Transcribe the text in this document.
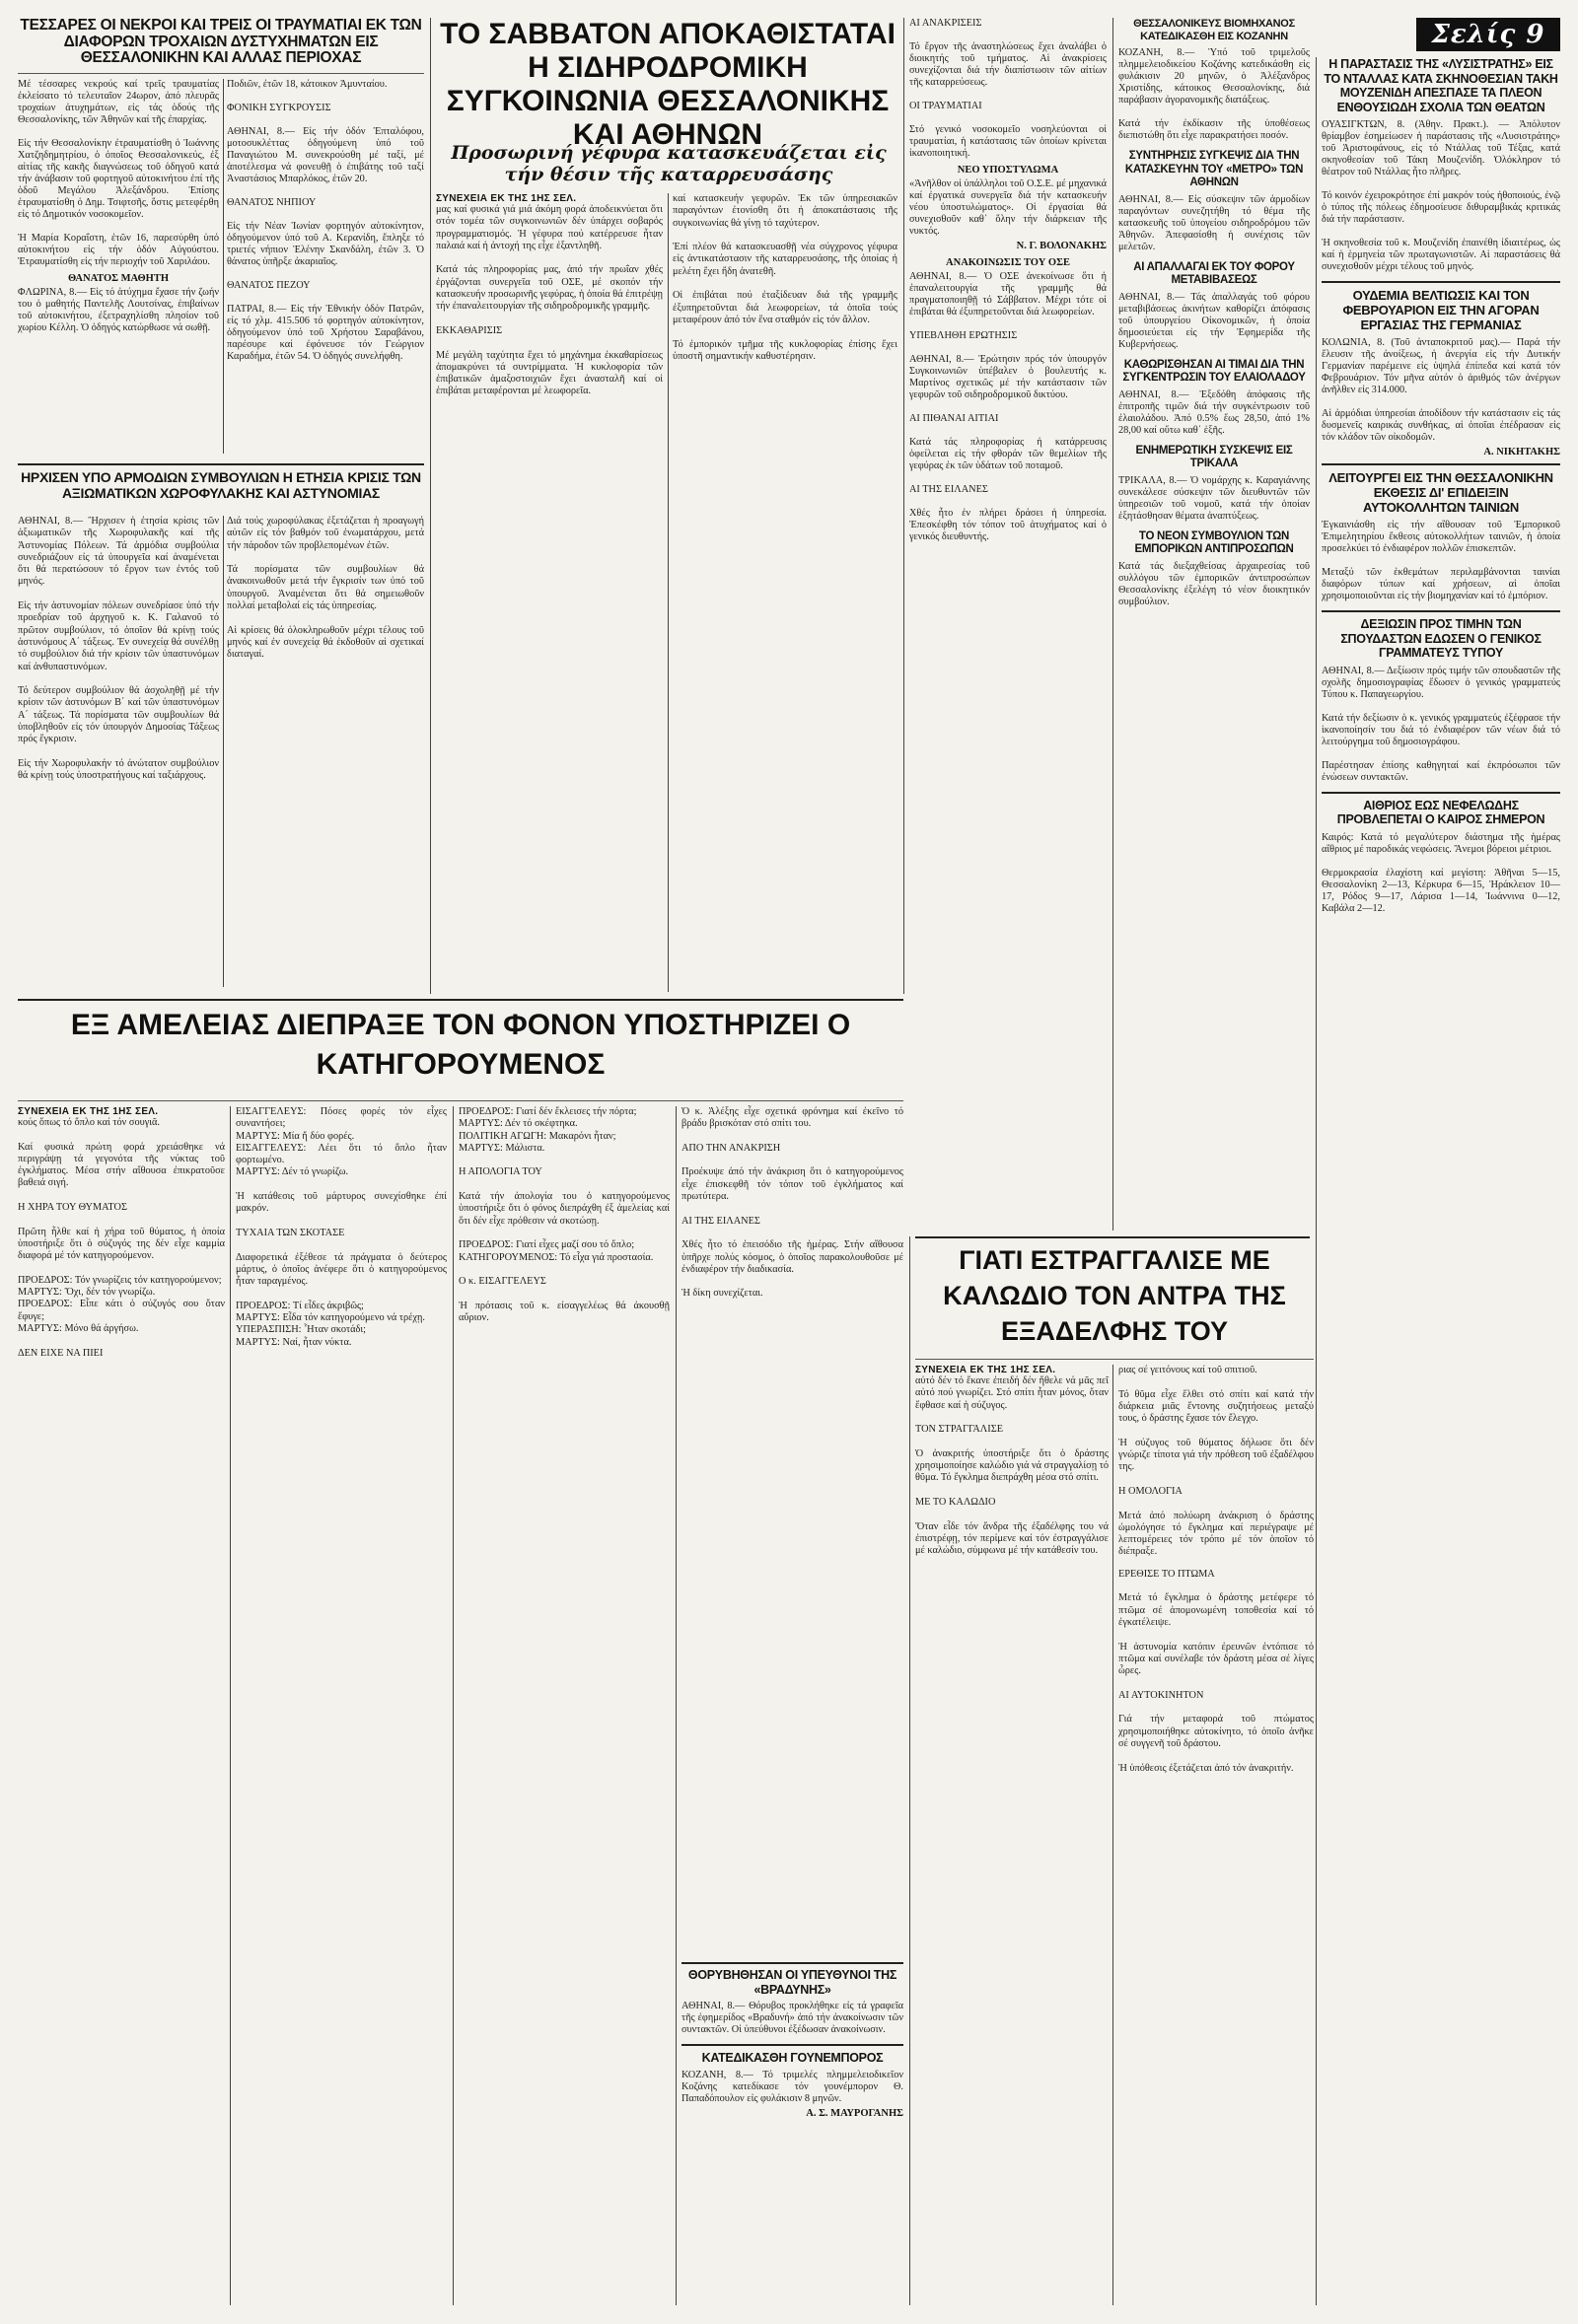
Σελίς 9
ΤΕΣΣΑΡΕΣ ΟΙ ΝΕΚΡΟΙ ΚΑΙ ΤΡΕΙΣ ΟΙ ΤΡΑΥΜΑΤΙΑΙ ΕΚ ΤΩΝ ΔΙΑΦΟΡΩΝ ΤΡΟΧΑΙΩΝ ΔΥΣΤΥΧΗΜΑΤΩΝ ΕΙΣ ΘΕΣΣΑΛΟΝΙΚΗΝ ΚΑΙ ΑΛΛΑΣ ΠΕΡΙΟΧΑΣ

Μέ τέσσαρες νεκρούς καί τρεῖς τραυματίας ἐκλείσατο τό τελευταῖον 24ωρον, ἀπό πλευρᾶς τροχαίων ἀτυχημάτων, εἰς τάς ὁδούς τῆς Θεσσαλονίκης, τῶν Ἀθηνῶν καί τῆς ἐπαρχίας.

Εἰς τήν Θεσσαλονίκην ἐτραυματίσθη ὁ Ἰωάννης Χατζηδημητρίου, ὁ ὁποῖος Θεσσαλονικεύς, ἐξ αἰτίας τῆς κακῆς διαγνώσεως τοῦ ὁδηγοῦ κατά τήν ἀνάβασιν τοῦ φορτηγοῦ αὐτοκινήτου ἐπί τῆς ὁδοῦ Μεγάλου Ἀλεξάνδρου. Ἐπίσης ἐτραυματίσθη ὁ Δημ. Τσιφτσῆς, ὅστις μετεφέρθη εἰς τό Δημοτικόν νοσοκομεῖον.

Ἡ Μαρία Κοραΐστη, ἐτῶν 16, παρεσύρθη ὑπό αὐτοκινήτου εἰς τήν ὁδόν Αὐγούστου. Ἐτραυματίσθη εἰς τήν περιοχήν τοῦ Χαριλάου.

ΘΑΝΑΤΟΣ ΜΑΘΗΤΗ

ΦΛΩΡΙΝΑ, 8.— Εἰς τό ἀτύχημα ἔχασε τήν ζωήν του ὁ μαθητής Παντελῆς Λουτσίνας, ἐπιβαίνων τοῦ αὐτοκινήτου, ἐξετραχηλίσθη πλησίον τοῦ χωρίου Κέλλη. Ὁ ὁδηγός κατώρθωσε νά σωθῇ.

Ποδιῶν, ἐτῶν 18, κάτοικον Ἀμυνταίου.

ΦΟΝΙΚΗ ΣΥΓΚΡΟΥΣΙΣ

ΑΘΗΝΑΙ, 8.— Εἰς τήν ὁδόν Ἐπταλόφου, μοτοσυκλέττας ὁδηγούμενη ὑπό τοῦ Παναγιώτου Μ. συνεκρούσθη μέ ταξί, μέ ἀποτέλεσμα νά φονευθῇ ὁ ἐπιβάτης τοῦ ταξί Ἀναστάσιος Μπαρλόκος, ἐτῶν 20.

ΘΑΝΑΤΟΣ ΝΗΠΙΟΥ

Εἰς τήν Νέαν Ἰωνίαν φορτηγόν αὐτοκίνητον, ὁδηγούμενον ὑπό τοῦ Α. Κερανίδη, ἔπληξε τό τριετές νήπιον Ἑλένην Σκανδάλη, ἐτῶν 3. Ὁ θάνατος ὑπῆρξε ἀκαριαῖος.

ΘΑΝΑΤΟΣ ΠΕΖΟΥ

ΠΑΤΡΑΙ, 8.— Εἰς τήν Ἐθνικήν ὁδόν Πατρῶν, εἰς τό χλμ. 415.506 τό φορτηγόν αὐτοκίνητον, ὁδηγούμενον ὑπό τοῦ Χρήστου Σαραβάνου, παρέσυρε καί ἐφόνευσε τόν Γεώργιον Καραδήμα, ἐτῶν 54. Ὁ ὁδηγός συνελήφθη.

ΗΡΧΙΣΕΝ ΥΠΟ ΑΡΜΟΔΙΩΝ ΣΥΜΒΟΥΛΙΩΝ Η ΕΤΗΣΙΑ ΚΡΙΣΙΣ ΤΩΝ ΑΞΙΩΜΑΤΙΚΩΝ ΧΩΡΟΦΥΛΑΚΗΣ ΚΑΙ ΑΣΤΥΝΟΜΙΑΣ

ΑΘΗΝΑΙ, 8.— Ἤρχισεν ἡ ἐτησία κρίσις τῶν ἀξιωματικῶν τῆς Χωροφυλακῆς καί τῆς Ἀστυνομίας Πόλεων. Τά ἀρμόδια συμβούλια συνεδριάζουν εἰς τά ὑπουργεῖα καί ἀναμένεται ὅτι θά περατώσουν τό ἔργον των ἐντός τοῦ μηνός.

Εἰς τήν ἀστυνομίαν πόλεων συνεδρίασε ὑπό τήν προεδρίαν τοῦ ἀρχηγοῦ κ. Κ. Γαλανοῦ τό πρῶτον συμβούλιον, τό ὁποῖον θά κρίνῃ τούς ἀστυνόμους Α΄ τάξεως. Ἐν συνεχείᾳ θά συνέλθῃ τό συμβούλιον διά τήν κρίσιν τῶν ὑπαστυνόμων καί ἀνθυπαστυνόμων.

Τό δεύτερον συμβούλιον θά ἀσχοληθῇ μέ τήν κρίσιν τῶν ἀστυνόμων Β΄ καί τῶν ὑπαστυνόμων Α΄ τάξεως. Τά πορίσματα τῶν συμβουλίων θά ὑποβληθοῦν εἰς τόν ὑπουργόν Δημοσίας Τάξεως πρός ἔγκρισιν.

Εἰς τήν Χωροφυλακήν τό ἀνώτατον συμβούλιον θά κρίνῃ τούς ὑποστρατήγους καί ταξιάρχους.

Διά τούς χωροφύλακας ἐξετάζεται ἡ προαγωγή αὐτῶν εἰς τόν βαθμόν τοῦ ἐνωματάρχου, μετά τήν πάροδον τῶν προβλεπομένων ἐτῶν.

Τά πορίσματα τῶν συμβουλίων θά ἀνακοινωθοῦν μετά τήν ἔγκρισίν των ὑπό τοῦ ὑπουργοῦ. Ἀναμένεται ὅτι θά σημειωθοῦν πολλαί μεταβολαί εἰς τάς ὑπηρεσίας.

Αἱ κρίσεις θά ὁλοκληρωθοῦν μέχρι τέλους τοῦ μηνός καί ἐν συνεχείᾳ θά ἐκδοθοῦν αἱ σχετικαί διαταγαί.

ΤΟ ΣΑΒΒΑΤΟΝ ΑΠΟΚΑΘΙΣΤΑΤΑΙ Η ΣΙΔΗΡΟΔΡΟΜΙΚΗ ΣΥΓΚΟΙΝΩΝΙΑ ΘΕΣΣΑΛΟΝΙΚΗΣ ΚΑΙ ΑΘΗΝΩΝ
Προσωρινή γέφυρα κατασκευάζεται εἰς τήν θέσιν τῆς καταρρευσάσης
ΣΥΝΕΧΕΙΑ ΕΚ ΤΗΣ 1ΗΣ ΣΕΛ.

μας καί φυσικά γιά μιά ἀκόμη φορά ἀποδεικνύεται ὅτι στόν τομέα τῶν συγκοινωνιῶν δέν ὑπάρχει σοβαρός προγραμματισμός. Ἡ γέφυρα πού κατέρρευσε ἦταν παλαιά καί ἡ ἀντοχή της εἶχε ἐξαντληθῆ.

Κατά τάς πληροφορίας μας, ἀπό τήν πρωΐαν χθές ἐργάζονται συνεργεῖα τοῦ ΟΣΕ, μέ σκοπόν τήν κατασκευήν προσωρινῆς γεφύρας, ἡ ὁποία θά ἐπιτρέψῃ τήν ἐπαναλειτουργίαν τῆς σιδηροδρομικῆς γραμμῆς.

ΕΚΚΑΘΑΡΙΣΙΣ

Μέ μεγάλη ταχύτητα ἔχει τό μηχάνημα ἐκκαθαρίσεως ἀπομακρύνει τά συντρίμματα. Ἡ κυκλοφορία τῶν ἐπιβατικῶν ἀμαξοστοιχιῶν ἔχει ἀνασταλῆ καί οἱ ἐπιβάται μεταφέρονται μέ λεωφορεῖα.

καί κατασκευήν γεφυρῶν. Ἐκ τῶν ὑπηρεσιακῶν παραγόντων ἐτονίσθη ὅτι ἡ ἀποκατάστασις τῆς συγκοινωνίας θά γίνῃ τό ταχύτερον.

Ἐπί πλέον θά κατασκευασθῇ νέα σύγχρονος γέφυρα εἰς ἀντικατάστασιν τῆς καταρρευσάσης, τῆς ὁποίας ἡ μελέτη ἔχει ἤδη ἀνατεθῆ.

Οἱ ἐπιβάται πού ἐταξίδευαν διά τῆς γραμμῆς ἐξυπηρετοῦνται διά λεωφορείων, τά ὁποῖα τούς μεταφέρουν ἀπό τόν ἕνα σταθμόν εἰς τόν ἄλλον.

Τό ἐμπορικόν τμῆμα τῆς κυκλοφορίας ἐπίσης ἔχει ὑποστῆ σημαντικήν καθυστέρησιν.

ΑΙ ΑΝΑΚΡΙΣΕΙΣ

Τό ἔργον τῆς ἀναστηλώσεως ἔχει ἀναλάβει ὁ διοικητής τοῦ τμήματος. Αἱ ἀνακρίσεις συνεχίζονται διά τήν διαπίστωσιν τῶν αἰτίων τῆς καταρρεύσεως.

ΟΙ ΤΡΑΥΜΑΤΙΑΙ

Στό γενικό νοσοκομεῖο νοσηλεύονται οἱ τραυματίαι, ἡ κατάστασις τῶν ὁποίων κρίνεται ἱκανοποιητική.

ΝΕΟ ΥΠΟΣΤΥΛΩΜΑ

«Ἀνῆλθον οἱ ὑπάλληλοι τοῦ Ο.Σ.Ε. μέ μηχανικά καί ἐργατικά συνεργεῖα διά τήν κατασκευήν νέου ὑποστυλώματος». Οἱ ἐργασίαι θά συνεχισθοῦν καθ᾽ ὅλην τήν διάρκειαν τῆς νυκτός.

Ν. Γ. ΒΟΛΟΝΑΚΗΣ
ΑΝΑΚΟΙΝΩΣΙΣ ΤΟΥ ΟΣΕ

ΑΘΗΝΑΙ, 8.— Ὁ ΟΣΕ ἀνεκοίνωσε ὅτι ἡ ἐπαναλειτουργία τῆς γραμμῆς θά πραγματοποιηθῇ τό Σάββατον. Μέχρι τότε οἱ ἐπιβάται θά ἐξυπηρετοῦνται διά λεωφορείων.

ΥΠΕΒΛΗΘΗ ΕΡΩΤΗΣΙΣ

ΑΘΗΝΑΙ, 8.— Ἐρώτησιν πρός τόν ὑπουργόν Συγκοινωνιῶν ὑπέβαλεν ὁ βουλευτής κ. Μαρτίνος σχετικῶς μέ τήν κατάστασιν τῶν γεφυρῶν τοῦ σιδηροδρομικοῦ δικτύου.

ΑΙ ΠΙΘΑΝΑΙ ΑΙΤΙΑΙ

Κατά τάς πληροφορίας ἡ κατάρρευσις ὀφείλεται εἰς τήν φθοράν τῶν θεμελίων τῆς γεφύρας ἐκ τῶν ὑδάτων τοῦ ποταμοῦ.

ΑΙ ΤΗΣ ΕΙΛΑΝΕΣ

Χθές ἦτο ἐν πλήρει δράσει ἡ ὑπηρεσία. Ἐπεσκέφθη τόν τόπον τοῦ ἀτυχήματος καί ὁ γενικός διευθυντής.

ΘΕΣΣΑΛΟΝΙΚΕΥΣ ΒΙΟΜΗΧΑΝΟΣ ΚΑΤΕΔΙΚΑΣΘΗ ΕΙΣ ΚΟΖΑΝΗΝ

ΚΟΖΑΝΗ, 8.— Ὑπό τοῦ τριμελοῦς πλημμελειοδικείου Κοζάνης κατεδικάσθη εἰς φυλάκισιν 20 μηνῶν, ὁ Ἀλέξανδρος Χριστίδης, κάτοικος Θεσσαλονίκης, διά παράβασιν ἀγορανομικῆς διατάξεως.

Κατά τήν ἐκδίκασιν τῆς ὑποθέσεως διεπιστώθη ὅτι εἶχε παρακρατήσει ποσόν.

ΣΥΝΤΗΡΗΣΙΣ ΣΥΓΚΕΨΙΣ ΔΙΑ ΤΗΝ ΚΑΤΑΣΚΕΥΗΝ ΤΟΥ «ΜΕΤΡΟ» ΤΩΝ ΑΘΗΝΩΝ

ΑΘΗΝΑΙ, 8.— Εἰς σύσκεψιν τῶν ἁρμοδίων παραγόντων συνεζητήθη τό θέμα τῆς κατασκευῆς τοῦ ὑπογείου σιδηροδρόμου τῶν Ἀθηνῶν. Ἀπεφασίσθη ἡ συνέχισις τῶν μελετῶν.

ΑΙ ΑΠΑΛΛΑΓΑΙ ΕΚ ΤΟΥ ΦΟΡΟΥ ΜΕΤΑΒΙΒΑΣΕΩΣ

ΑΘΗΝΑΙ, 8.— Τάς ἀπαλλαγάς τοῦ φόρου μεταβιβάσεως ἀκινήτων καθορίζει ἀπόφασις τοῦ ὑπουργείου Οἰκονομικῶν, ἡ ὁποία δημοσιεύεται εἰς τήν Ἐφημερίδα τῆς Κυβερνήσεως.

ΚΑΘΩΡΙΣΘΗΣΑΝ ΑΙ ΤΙΜΑΙ ΔΙΑ ΤΗΝ ΣΥΓΚΕΝΤΡΩΣΙΝ ΤΟΥ ΕΛΑΙΟΛΑΔΟΥ

ΑΘΗΝΑΙ, 8.— Ἐξεδόθη ἀπόφασις τῆς ἐπιτροπῆς τιμῶν διά τήν συγκέντρωσιν τοῦ ἐλαιολάδου. Ἀπό 0.5% ἕως 28,50, ἀπό 1% 28,00 καί οὕτω καθ᾽ ἑξῆς.

ΕΝΗΜΕΡΩΤΙΚΗ ΣΥΣΚΕΨΙΣ ΕΙΣ ΤΡΙΚΑΛΑ

ΤΡΙΚΑΛΑ, 8.— Ὁ νομάρχης κ. Καραγιάννης συνεκάλεσε σύσκεψιν τῶν διευθυντῶν τῶν ὑπηρεσιῶν τοῦ νομοῦ, κατά τήν ὁποίαν ἐξητάσθησαν θέματα ἀναπτύξεως.

ΤΟ ΝΕΟΝ ΣΥΜΒΟΥΛΙΟΝ ΤΩΝ ΕΜΠΟΡΙΚΩΝ ΑΝΤΙΠΡΟΣΩΠΩΝ

Κατά τάς διεξαχθείσας ἀρχαιρεσίας τοῦ συλλόγου τῶν ἐμπορικῶν ἀντιπροσώπων Θεσσαλονίκης ἐξελέγη τό νέον διοικητικόν συμβούλιον.

Η ΠΑΡΑΣΤΑΣΙΣ ΤΗΣ «ΛΥΣΙΣΤΡΑΤΗΣ» ΕΙΣ ΤΟ ΝΤΑΛΛΑΣ ΚΑΤΑ ΣΚΗΝΟΘΕΣΙΑΝ ΤΑΚΗ ΜΟΥΖΕΝΙΔΗ ΑΠΕΣΠΑΣΕ ΤΑ ΠΛΕΟΝ ΕΝΘΟΥΣΙΩΔΗ ΣΧΟΛΙΑ ΤΩΝ ΘΕΑΤΩΝ

ΟΥΑΣΙΓΚΤΩΝ, 8. (Ἀθην. Πρακτ.). — Ἀπόλυτον θρίαμβον ἐσημείωσεν ἡ παράστασις τῆς «Λυσιστράτης» τοῦ Ἀριστοφάνους, εἰς τό Ντάλλας τοῦ Τέξας, κατά σκηνοθεσίαν τοῦ Τάκη Μουζενίδη. Ὁλόκληρον τό θέατρον τοῦ Ντάλλας ἦτο πλῆρες.

Τό κοινόν ἐχειροκρότησε ἐπί μακρόν τούς ἠθοποιούς, ἐνῷ ὁ τύπος τῆς πόλεως ἐδημοσίευσε διθυραμβικάς κριτικάς διά τήν παράστασιν.

Ἡ σκηνοθεσία τοῦ κ. Μουζενίδη ἐπαινέθη ἰδιαιτέρως, ὡς καί ἡ ἑρμηνεία τῶν πρωταγωνιστῶν. Αἱ παραστάσεις θά συνεχισθοῦν μέχρι τέλους τοῦ μηνός.

ΟΥΔΕΜΙΑ ΒΕΛΤΙΩΣΙΣ ΚΑΙ ΤΟΝ ΦΕΒΡΟΥΑΡΙΟΝ ΕΙΣ ΤΗΝ ΑΓΟΡΑΝ ΕΡΓΑΣΙΑΣ ΤΗΣ ΓΕΡΜΑΝΙΑΣ

ΚΟΛΩΝΙΑ, 8. (Τοῦ ἀνταποκριτοῦ μας).— Παρά τήν ἔλευσιν τῆς ἀνοίξεως, ἡ ἀνεργία εἰς τήν Δυτικήν Γερμανίαν παρέμεινε εἰς ὑψηλά ἐπίπεδα καί κατά τόν Φεβρουάριον. Τόν μῆνα αὐτόν ὁ ἀριθμός τῶν ἀνέργων ἀνῆλθεν εἰς 314.000.

Αἱ ἀρμόδιαι ὑπηρεσίαι ἀποδίδουν τήν κατάστασιν εἰς τάς δυσμενεῖς καιρικάς συνθήκας, αἱ ὁποῖαι ἐπέδρασαν εἰς τόν κλάδον τῶν οἰκοδομῶν.

Α. ΝΙΚΗΤΑΚΗΣ
ΛΕΙΤΟΥΡΓΕΙ ΕΙΣ ΤΗΝ ΘΕΣΣΑΛΟΝΙΚΗΝ ΕΚΘΕΣΙΣ ΔΙ' ΕΠΙΔΕΙΞΙΝ ΑΥΤΟΚΟΛΛΗΤΩΝ ΤΑΙΝΙΩΝ

Ἐγκαινιάσθη εἰς τήν αἴθουσαν τοῦ Ἐμπορικοῦ Ἐπιμελητηρίου ἔκθεσις αὐτοκολλήτων ταινιῶν, ἡ ὁποία προσελκύει τό ἐνδιαφέρον πολλῶν ἐπισκεπτῶν.

Μεταξύ τῶν ἐκθεμάτων περιλαμβάνονται ταινίαι διαφόρων τύπων καί χρήσεων, αἱ ὁποῖαι χρησιμοποιοῦνται εἰς τήν βιομηχανίαν καί τό ἐμπόριον.

ΔΕΞΙΩΣΙΝ ΠΡΟΣ ΤΙΜΗΝ ΤΩΝ ΣΠΟΥΔΑΣΤΩΝ ΕΔΩΣΕΝ Ο ΓΕΝΙΚΟΣ ΓΡΑΜΜΑΤΕΥΣ ΤΥΠΟΥ

ΑΘΗΝΑΙ, 8.— Δεξίωσιν πρός τιμήν τῶν σπουδαστῶν τῆς σχολῆς δημοσιογραφίας ἔδωσεν ὁ γενικός γραμματεύς Τύπου κ. Παπαγεωργίου.

Κατά τήν δεξίωσιν ὁ κ. γενικός γραμματεύς ἐξέφρασε τήν ἱκανοποίησίν του διά τό ἐνδιαφέρον τῶν νέων διά τό λειτούργημα τοῦ δημοσιογράφου.

Παρέστησαν ἐπίσης καθηγηταί καί ἐκπρόσωποι τῶν ἐνώσεων συντακτῶν.

ΑΙΘΡΙΟΣ ΕΩΣ ΝΕΦΕΛΩΔΗΣ ΠΡΟΒΛΕΠΕΤΑΙ Ο ΚΑΙΡΟΣ ΣΗΜΕΡΟΝ

Καιρός: Κατά τό μεγαλύτερον διάστημα τῆς ἡμέρας αἴθριος μέ παροδικάς νεφώσεις. Ἄνεμοι βόρειοι μέτριοι.

Θερμοκρασία ἐλαχίστη καί μεγίστη: Ἀθῆναι 5—15, Θεσσαλονίκη 2—13, Κέρκυρα 6—15, Ἡράκλειον 10—17, Ρόδος 9—17, Λάρισα 1—14, Ἰωάννινα 0—12, Καβάλα 2—12.

ΕΞ ΑΜΕΛΕΙΑΣ ΔΙΕΠΡΑΞΕ ΤΟΝ ΦΟΝΟΝ ΥΠΟΣΤΗΡΙΖΕΙ Ο ΚΑΤΗΓΟΡΟΥΜΕΝΟΣ
ΣΥΝΕΧΕΙΑ ΕΚ ΤΗΣ 1ΗΣ ΣΕΛ.

κούς ὅπως τό ὅπλο καί τόν σουγιᾶ.

Καί φυσικά πρώτη φορά χρειάσθηκε νά περιγράψῃ τά γεγονότα τῆς νύκτας τοῦ ἐγκλήματος. Μέσα στήν αἴθουσα ἐπικρατοῦσε βαθειά σιγή.

Η ΧΗΡΑ ΤΟΥ ΘΥΜΑΤΟΣ

Πρῶτη ἦλθε καί ἡ χήρα τοῦ θύματος, ἡ ὁποία ὑποστήριξε ὅτι ὁ σύζυγός της δέν εἶχε καμμία διαφορά μέ τόν κατηγορούμενον.

ΠΡΟΕΔΡΟΣ: Τόν γνωρίζεις τόν κατηγορούμενον;
ΜΑΡΤΥΣ: Ὄχι, δέν τόν γνωρίζω.
ΠΡΟΕΔΡΟΣ: Εἶπε κάτι ὁ σύζυγός σου ὅταν ἔφυγε;
ΜΑΡΤΥΣ: Μόνο θά ἀργήσω.

ΔΕΝ ΕΙΧΕ ΝΑ ΠΙΕΙ

ΕΙΣΑΓΓΕΛΕΥΣ: Πόσες φορές τόν εἶχες συναντήσει;
ΜΑΡΤΥΣ: Μία ἤ δύο φορές.
ΕΙΣΑΓΓΕΛΕΥΣ: Λέει ὅτι τό ὅπλο ἦταν φορτωμένο.
ΜΑΡΤΥΣ: Δέν τό γνωρίζω.

Ἡ κατάθεσις τοῦ μάρτυρος συνεχίσθηκε ἐπί μακρόν.

ΤΥΧΑΙΑ ΤΩΝ ΣΚΟΤΑΣΕ

Διαφορετικά ἐξέθεσε τά πράγματα ὁ δεύτερος μάρτυς, ὁ ὁποῖος ἀνέφερε ὅτι ὁ κατηγορούμενος ἦταν ταραγμένος.

ΠΡΟΕΔΡΟΣ: Τί εἶδες ἀκριβῶς;
ΜΑΡΤΥΣ: Εἶδα τόν κατηγορούμενο νά τρέχῃ.
ΥΠΕΡΑΣΠΙΣΗ: Ἦταν σκοτάδι;
ΜΑΡΤΥΣ: Ναί, ἦταν νύκτα.

ΠΡΟΕΔΡΟΣ: Γιατί δέν ἔκλεισες τήν πόρτα;
ΜΑΡΤΥΣ: Δέν τό σκέφτηκα.
ΠΟΛΙΤΙΚΗ ΑΓΩΓΗ: Μακαρόνι ἦταν;
ΜΑΡΤΥΣ: Μάλιστα.

Η ΑΠΟΛΟΓΙΑ ΤΟΥ

Κατά τήν ἀπολογία του ὁ κατηγορούμενος ὑποστήριξε ὅτι ὁ φόνος διεπράχθη ἐξ ἀμελείας καί ὅτι δέν εἶχε πρόθεσιν νά σκοτώσῃ.

ΠΡΟΕΔΡΟΣ: Γιατί εἶχες μαζί σου τό ὅπλο;
ΚΑΤΗΓΟΡΟΥΜΕΝΟΣ: Τό εἶχα γιά προστασία.

Ο κ. ΕΙΣΑΓΓΕΛΕΥΣ

Ἡ πρότασις τοῦ κ. εἰσαγγελέως θά ἀκουσθῇ αὔριον.

Ὁ κ. Ἀλέξης εἶχε σχετικά φρόνημα καί ἐκεῖνο τό βράδυ βρισκόταν στό σπίτι του.

ΑΠΟ ΤΗΝ ΑΝΑΚΡΙΣΗ

Προέκυψε ἀπό τήν ἀνάκριση ὅτι ὁ κατηγορούμενος εἶχε ἐπισκεφθῆ τόν τόπον τοῦ ἐγκλήματος καί πρωτύτερα.

ΑΙ ΤΗΣ ΕΙΛΑΝΕΣ

Χθές ἦτο τό ἐπεισόδιο τῆς ἡμέρας. Στήν αἴθουσα ὑπῆρχε πολύς κόσμος, ὁ ὁποῖος παρακολουθοῦσε μέ ἐνδιαφέρον τήν διαδικασία.

Ἡ δίκη συνεχίζεται.

ΘΟΡΥΒΗΘΗΣΑΝ ΟΙ ΥΠΕΥΘΥΝΟΙ ΤΗΣ «ΒΡΑΔΥΝΗΣ»

ΑΘΗΝΑΙ, 8.— Θόρυβος προκλήθηκε εἰς τά γραφεῖα τῆς ἐφημερίδος «Βραδυνή» ἀπό τήν ἀνακοίνωσιν τῶν συντακτῶν. Οἱ ὑπεύθυνοι ἐξέδωσαν ἀνακοίνωσιν.

ΚΑΤΕΔΙΚΑΣΘΗ ΓΟΥΝΕΜΠΟΡΟΣ

ΚΟΖΑΝΗ, 8.— Τό τριμελές πλημμελειοδικεῖον Κοζάνης κατεδίκασε τόν γουνέμπορον Θ. Παπαδόπουλον εἰς φυλάκισιν 8 μηνῶν.

Α. Σ. ΜΑΥΡΟΓΑΝΗΣ
ΓΙΑΤΙ ΕΣΤΡΑΓΓΑΛΙΣΕ ΜΕ ΚΑΛΩΔΙΟ ΤΟΝ ΑΝΤΡΑ ΤΗΣ ΕΞΑΔΕΛΦΗΣ ΤΟΥ
ΣΥΝΕΧΕΙΑ ΕΚ ΤΗΣ 1ΗΣ ΣΕΛ.

αὐτό δέν τό ἔκανε ἐπειδή δέν ἤθελε νά μᾶς πεῖ αὐτό πού γνωρίζει. Στό σπίτι ἦταν μόνος, ὅταν ἔφθασε καί ἡ σύζυγος.

ΤΟΝ ΣΤΡΑΓΓΑΛΙΣΕ

Ὁ ἀνακριτής ὑποστήριξε ὅτι ὁ δράστης χρησιμοποίησε καλώδιο γιά νά στραγγαλίσῃ τό θῦμα. Τό ἔγκλημα διεπράχθη μέσα στό σπίτι.

ΜΕ ΤΟ ΚΑΛΩΔΙΟ

Ὅταν εἶδε τόν ἄνδρα τῆς ἐξαδέλφης του νά ἐπιστρέφῃ, τόν περίμενε καί τόν ἐστραγγάλισε μέ καλώδιο, σύμφωνα μέ τήν κατάθεσίν του.

ριας σέ γειτόνους καί τοῦ σπιτιοῦ.

Τό θῦμα εἶχε ἔλθει στό σπίτι καί κατά τήν διάρκεια μιᾶς ἔντονης συζητήσεως μεταξύ τους, ὁ δράστης ἔχασε τόν ἔλεγχο.

Ἡ σύζυγος τοῦ θύματος δήλωσε ὅτι δέν γνώριζε τίποτα γιά τήν πρόθεση τοῦ ἐξαδέλφου της.

Η ΟΜΟΛΟΓΙΑ

Μετά ἀπό πολύωρη ἀνάκριση ὁ δράστης ὡμολόγησε τό ἔγκλημα καί περιέγραψε μέ λεπτομέρειες τόν τρόπο μέ τόν ὁποῖον τό διέπραξε.

ΕΡΕΘΙΣΕ ΤΟ ΠΤΩΜΑ

Μετά τό ἔγκλημα ὁ δράστης μετέφερε τό πτῶμα σέ ἀπομονωμένη τοποθεσία καί τό ἐγκατέλειψε.

Ἡ ἀστυνομία κατόπιν ἐρευνῶν ἐντόπισε τό πτῶμα καί συνέλαβε τόν δράστη μέσα σέ λίγες ὧρες.

ΑΙ ΑΥΤΟΚΙΝΗΤΟΝ

Γιά τήν μεταφορά τοῦ πτώματος χρησιμοποιήθηκε αὐτοκίνητο, τό ὁποῖο ἀνῆκε σέ συγγενῆ τοῦ δράστου.

Ἡ ὑπόθεσις ἐξετάζεται ἀπό τόν ἀνακριτήν.
